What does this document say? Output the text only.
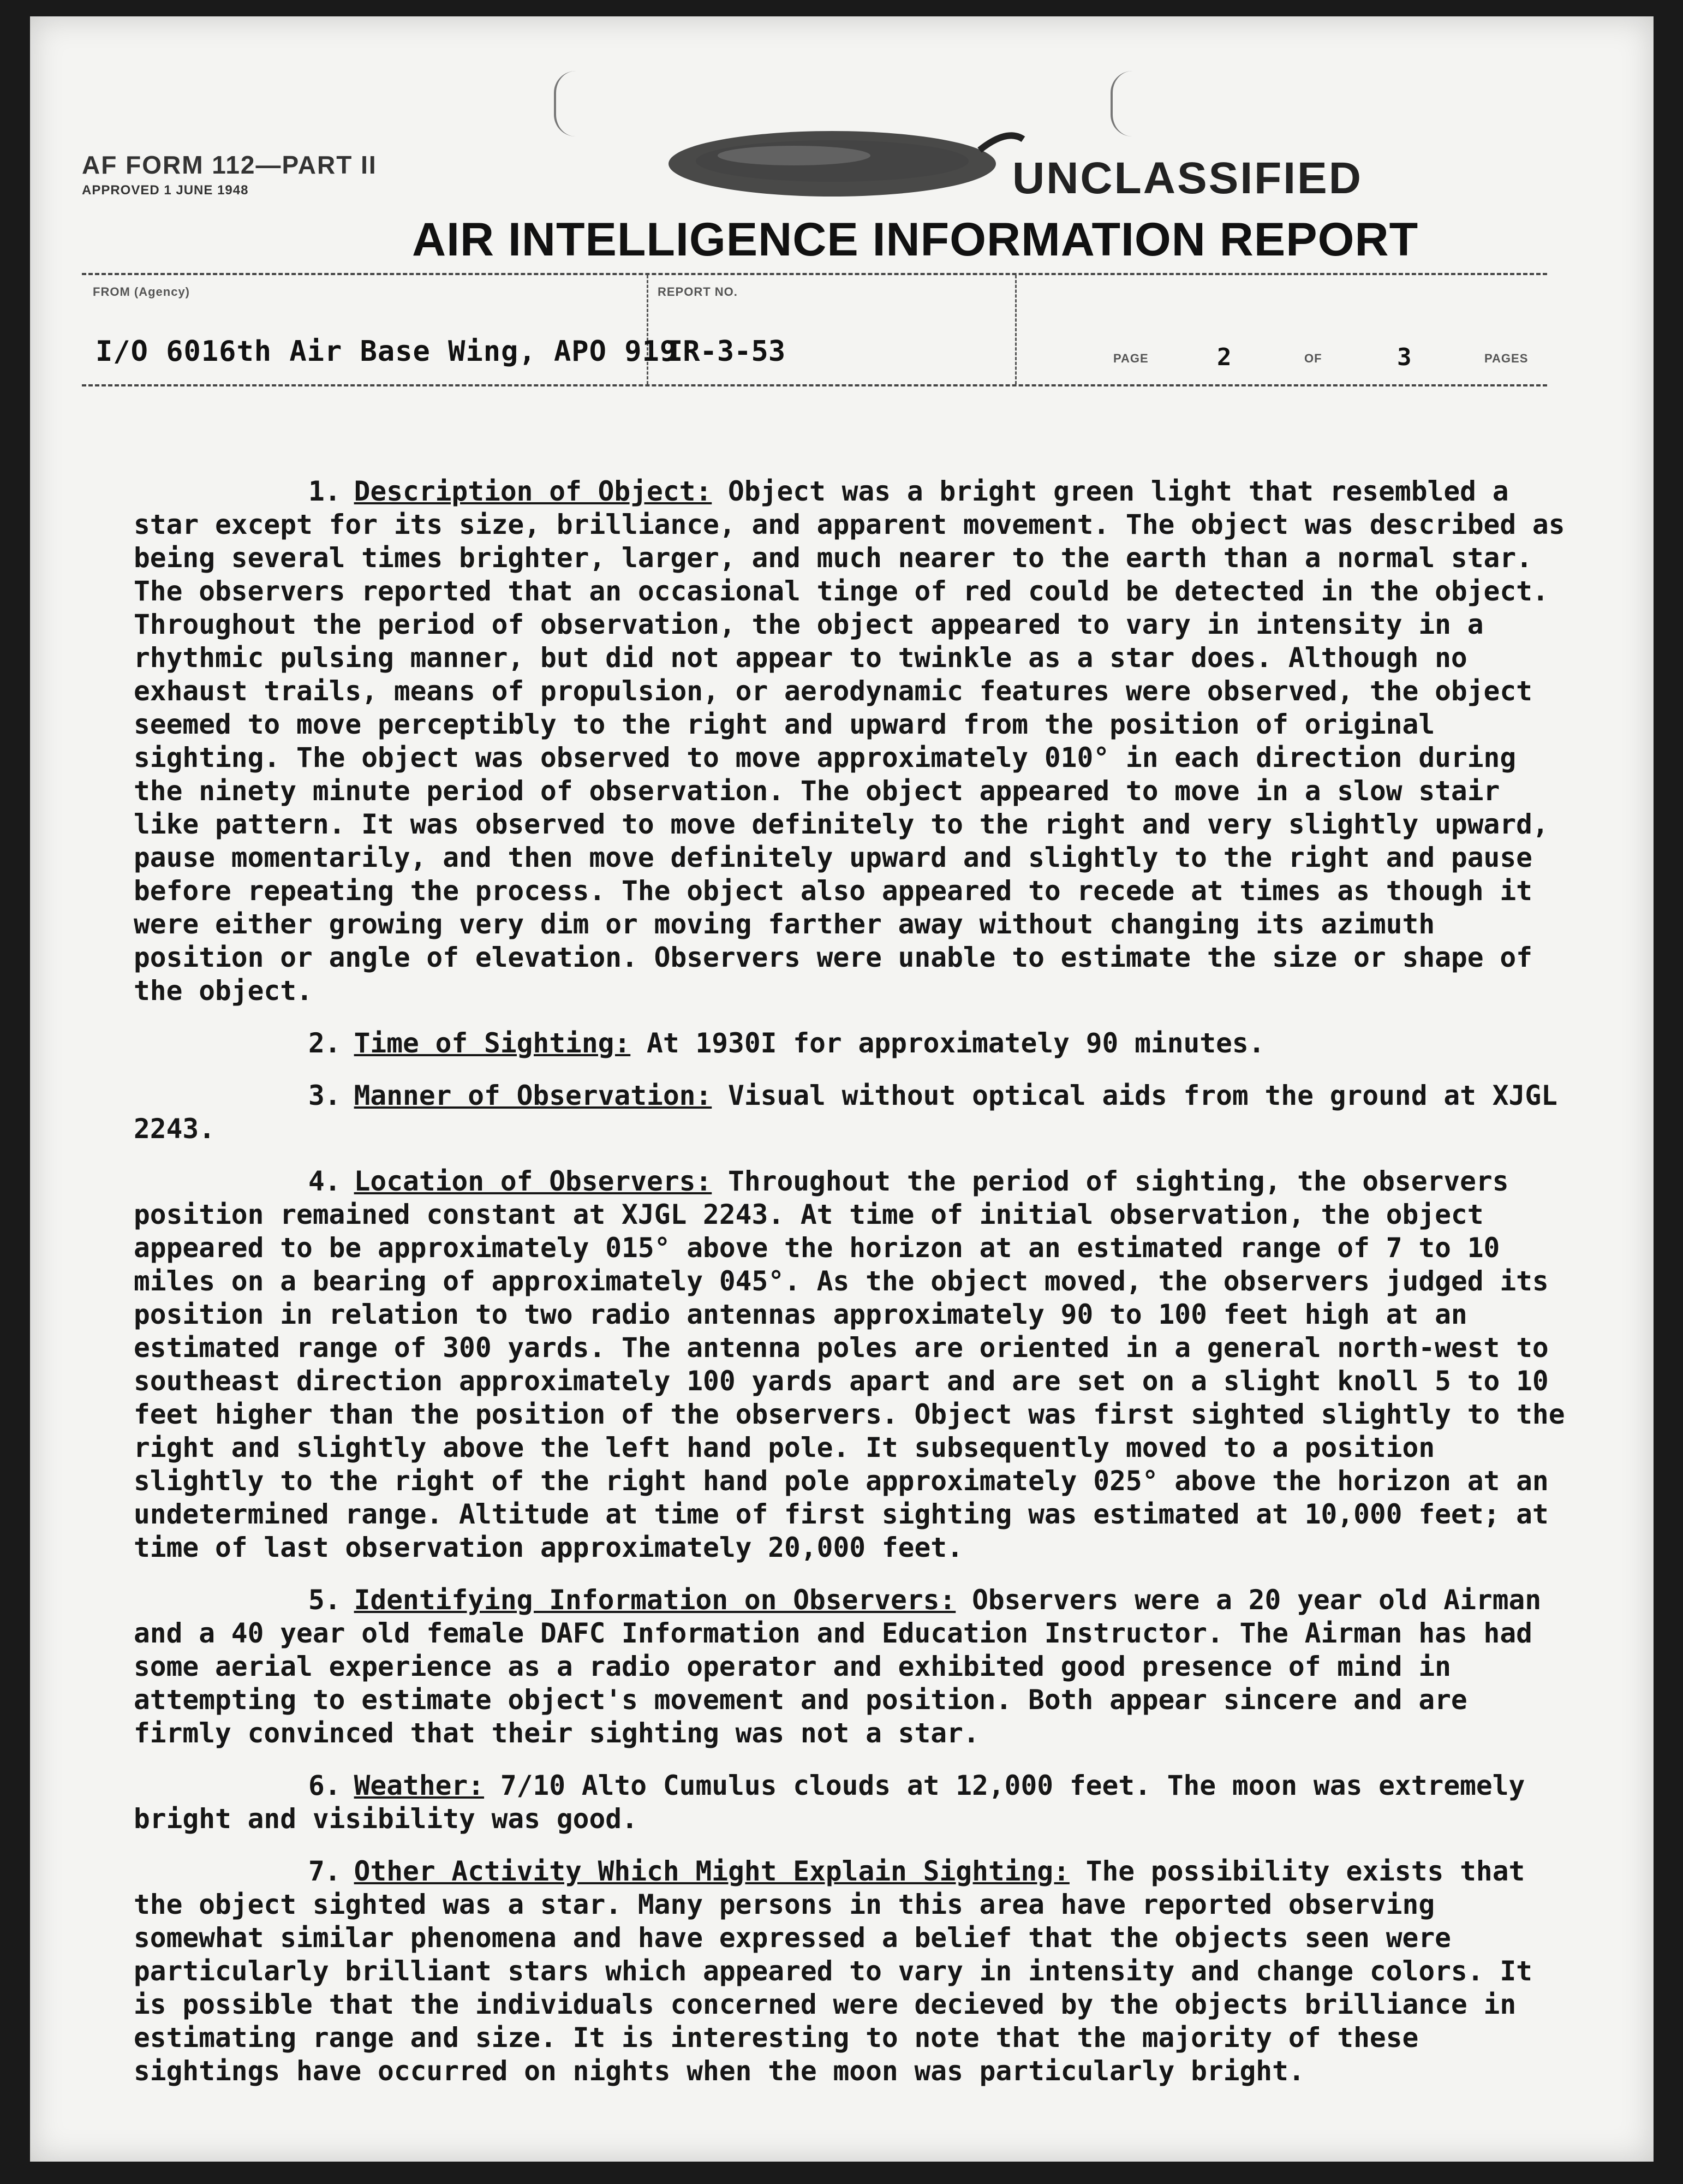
AF FORM 112—PART II
APPROVED 1 JUNE 1948	UNCLASSIFIED
AIR INTELLIGENCE INFORMATION REPORT
FROM (Agency)
I/O 6016th Air Base Wing, APO 919
REPORT NO.
IR-3-53	PAGE	2	OF	3	PAGES

1. Description of Object: Object was a bright green light that resembled a star except for its size, brilliance, and apparent movement. The object was described as being several times brighter, larger, and much nearer to the earth than a normal star. The observers reported that an occasional tinge of red could be detected in the object. Throughout the period of observation, the object appeared to vary in intensity in a rhythmic pulsing manner, but did not appear to twinkle as a star does. Although no exhaust trails, means of propulsion, or aerodynamic features were observed, the object seemed to move perceptibly to the right and upward from the position of original sighting. The object was observed to move approximately 010° in each direction during the ninety minute period of observation. The object appeared to move in a slow stair like pattern. It was observed to move definitely to the right and very slightly upward, pause momentarily, and then move definitely upward and slightly to the right and pause before repeating the process. The object also appeared to recede at times as though it were either growing very dim or moving farther away without changing its azimuth position or angle of elevation. Observers were unable to estimate the size or shape of the object.

2. Time of Sighting: At 1930I for approximately 90 minutes.

3. Manner of Observation: Visual without optical aids from the ground at XJGL 2243.

4. Location of Observers: Throughout the period of sighting, the observers position remained constant at XJGL 2243. At time of initial observation, the object appeared to be approximately 015° above the horizon at an estimated range of 7 to 10 miles on a bearing of approximately 045°. As the object moved, the observers judged its position in relation to two radio antennas approximately 90 to 100 feet high at an estimated range of 300 yards. The antenna poles are oriented in a general north-west to southeast direction approximately 100 yards apart and are set on a slight knoll 5 to 10 feet higher than the position of the observers. Object was first sighted slightly to the right and slightly above the left hand pole. It subsequently moved to a position slightly to the right of the right hand pole approximately 025° above the horizon at an undetermined range. Altitude at time of first sighting was estimated at 10,000 feet; at time of last observation approximately 20,000 feet.

5. Identifying Information on Observers: Observers were a 20 year old Airman and a 40 year old female DAFC Information and Education Instructor. The Airman has had some aerial experience as a radio operator and exhibited good presence of mind in attempting to estimate object's movement and position. Both appear sincere and are firmly convinced that their sighting was not a star.

6. Weather: 7/10 Alto Cumulus clouds at 12,000 feet. The moon was extremely bright and visibility was good.

7. Other Activity Which Might Explain Sighting: The possibility exists that the object sighted was a star. Many persons in this area have reported observing somewhat similar phenomena and have expressed a belief that the objects seen were particularly brilliant stars which appeared to vary in intensity and change colors. It is possible that the individuals concerned were decieved by the objects brilliance in estimating range and size. It is interesting to note that the majority of these sightings have occurred on nights when the moon was particularly bright.
